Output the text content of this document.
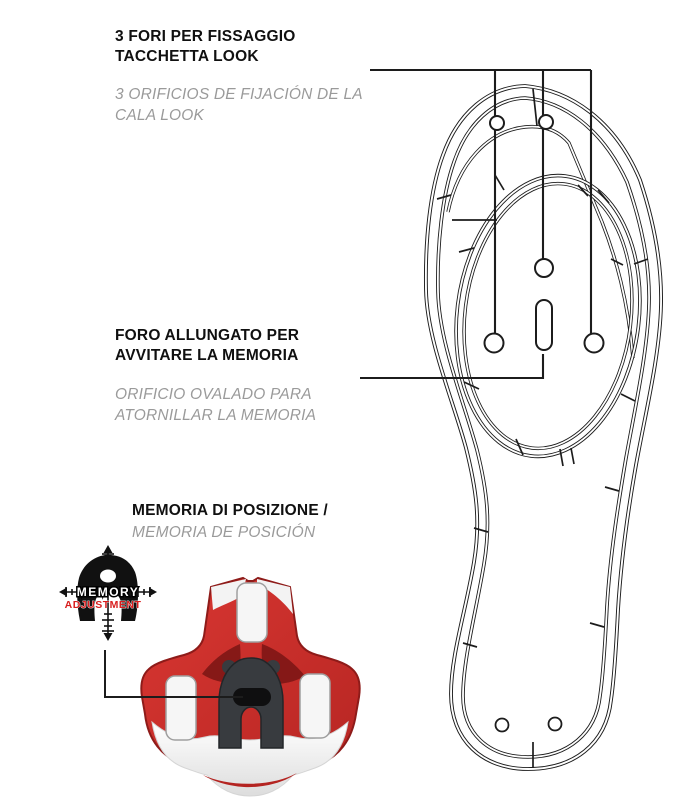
MEMORY
ADJUSTMENT
3 FORI PER FISSAGGIO TACCHETTA LOOK
3 ORIFICIOS DE FIJACIÓN DE LA CALA LOOK
FORO ALLUNGATO PER AVVITARE LA MEMORIA
ORIFICIO OVALADO PARA ATORNILLAR LA MEMORIA
MEMORIA DI POSIZIONE /
MEMORIA DE POSICIÓN
